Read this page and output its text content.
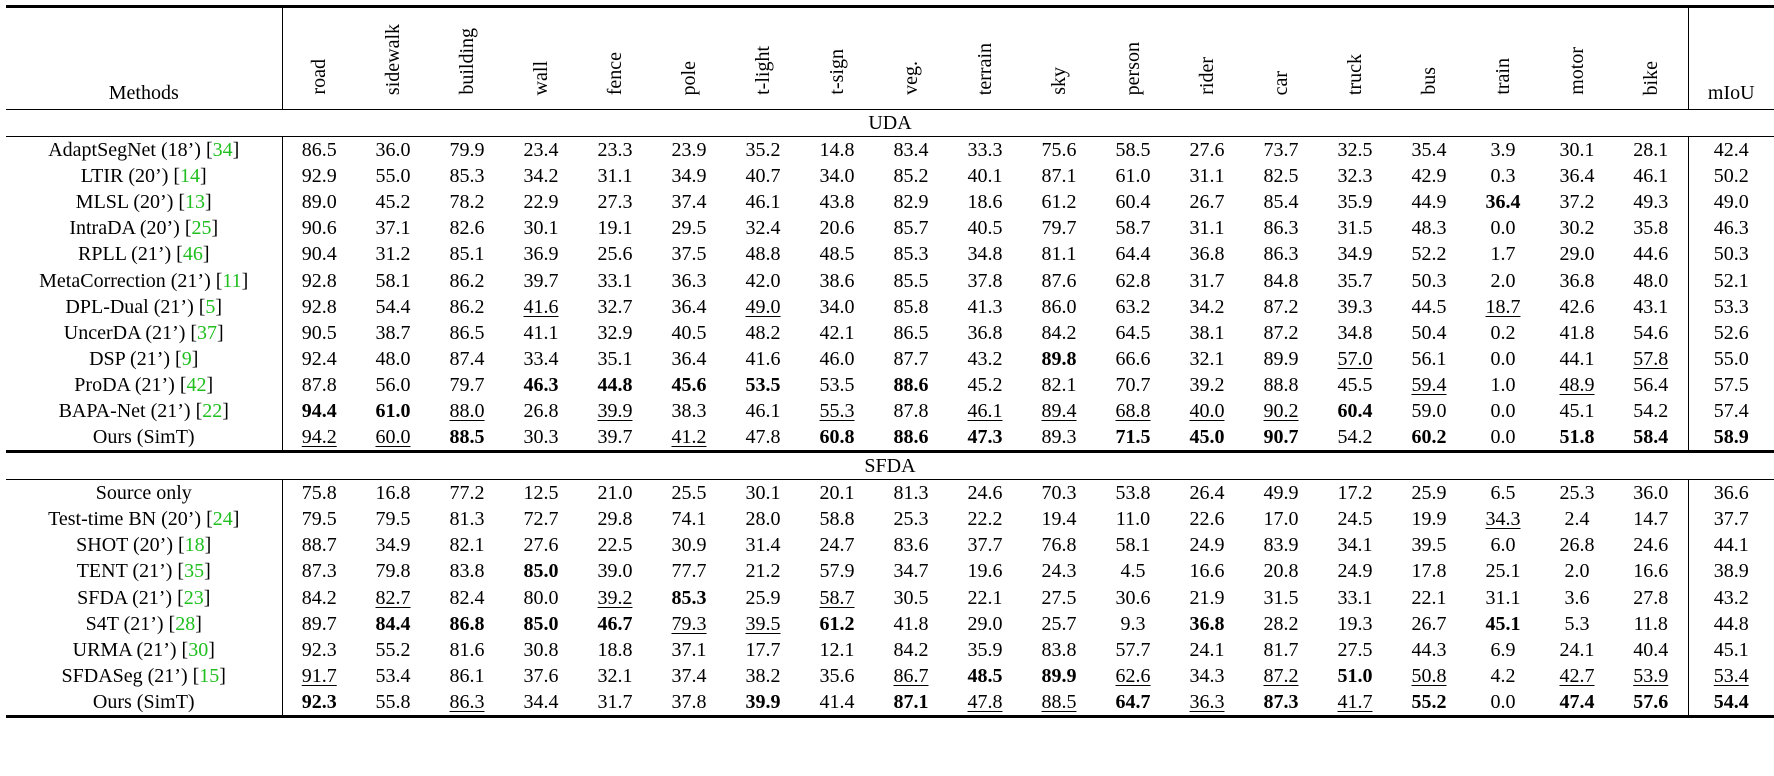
Methods	road	sidewalk	building	wall	fence	pole	t-light	t-sign	veg.	terrain	sky	person	rider	car	truck	bus	train	motor	bike	mIoU
UDA																				
AdaptSegNet (18’) [34]	86.5	36.0	79.9	23.4	23.3	23.9	35.2	14.8	83.4	33.3	75.6	58.5	27.6	73.7	32.5	35.4	3.9	30.1	28.1	42.4
LTIR (20’) [14]	92.9	55.0	85.3	34.2	31.1	34.9	40.7	34.0	85.2	40.1	87.1	61.0	31.1	82.5	32.3	42.9	0.3	36.4	46.1	50.2
MLSL (20’) [13]	89.0	45.2	78.2	22.9	27.3	37.4	46.1	43.8	82.9	18.6	61.2	60.4	26.7	85.4	35.9	44.9	36.4	37.2	49.3	49.0
IntraDA (20’) [25]	90.6	37.1	82.6	30.1	19.1	29.5	32.4	20.6	85.7	40.5	79.7	58.7	31.1	86.3	31.5	48.3	0.0	30.2	35.8	46.3
RPLL (21’) [46]	90.4	31.2	85.1	36.9	25.6	37.5	48.8	48.5	85.3	34.8	81.1	64.4	36.8	86.3	34.9	52.2	1.7	29.0	44.6	50.3
MetaCorrection (21’) [11]	92.8	58.1	86.2	39.7	33.1	36.3	42.0	38.6	85.5	37.8	87.6	62.8	31.7	84.8	35.7	50.3	2.0	36.8	48.0	52.1
DPL-Dual (21’) [5]	92.8	54.4	86.2	41.6	32.7	36.4	49.0	34.0	85.8	41.3	86.0	63.2	34.2	87.2	39.3	44.5	18.7	42.6	43.1	53.3
UncerDA (21’) [37]	90.5	38.7	86.5	41.1	32.9	40.5	48.2	42.1	86.5	36.8	84.2	64.5	38.1	87.2	34.8	50.4	0.2	41.8	54.6	52.6
DSP (21’) [9]	92.4	48.0	87.4	33.4	35.1	36.4	41.6	46.0	87.7	43.2	89.8	66.6	32.1	89.9	57.0	56.1	0.0	44.1	57.8	55.0
ProDA (21’) [42]	87.8	56.0	79.7	46.3	44.8	45.6	53.5	53.5	88.6	45.2	82.1	70.7	39.2	88.8	45.5	59.4	1.0	48.9	56.4	57.5
BAPA-Net (21’) [22]	94.4	61.0	88.0	26.8	39.9	38.3	46.1	55.3	87.8	46.1	89.4	68.8	40.0	90.2	60.4	59.0	0.0	45.1	54.2	57.4
Ours (SimT)	94.2	60.0	88.5	30.3	39.7	41.2	47.8	60.8	88.6	47.3	89.3	71.5	45.0	90.7	54.2	60.2	0.0	51.8	58.4	58.9
SFDA																				
Source only	75.8	16.8	77.2	12.5	21.0	25.5	30.1	20.1	81.3	24.6	70.3	53.8	26.4	49.9	17.2	25.9	6.5	25.3	36.0	36.6
Test-time BN (20’) [24]	79.5	79.5	81.3	72.7	29.8	74.1	28.0	58.8	25.3	22.2	19.4	11.0	22.6	17.0	24.5	19.9	34.3	2.4	14.7	37.7
SHOT (20’) [18]	88.7	34.9	82.1	27.6	22.5	30.9	31.4	24.7	83.6	37.7	76.8	58.1	24.9	83.9	34.1	39.5	6.0	26.8	24.6	44.1
TENT (21’) [35]	87.3	79.8	83.8	85.0	39.0	77.7	21.2	57.9	34.7	19.6	24.3	4.5	16.6	20.8	24.9	17.8	25.1	2.0	16.6	38.9
SFDA (21’) [23]	84.2	82.7	82.4	80.0	39.2	85.3	25.9	58.7	30.5	22.1	27.5	30.6	21.9	31.5	33.1	22.1	31.1	3.6	27.8	43.2
S4T (21’) [28]	89.7	84.4	86.8	85.0	46.7	79.3	39.5	61.2	41.8	29.0	25.7	9.3	36.8	28.2	19.3	26.7	45.1	5.3	11.8	44.8
URMA (21’) [30]	92.3	55.2	81.6	30.8	18.8	37.1	17.7	12.1	84.2	35.9	83.8	57.7	24.1	81.7	27.5	44.3	6.9	24.1	40.4	45.1
SFDASeg (21’) [15]	91.7	53.4	86.1	37.6	32.1	37.4	38.2	35.6	86.7	48.5	89.9	62.6	34.3	87.2	51.0	50.8	4.2	42.7	53.9	53.4
Ours (SimT)	92.3	55.8	86.3	34.4	31.7	37.8	39.9	41.4	87.1	47.8	88.5	64.7	36.3	87.3	41.7	55.2	0.0	47.4	57.6	54.4
